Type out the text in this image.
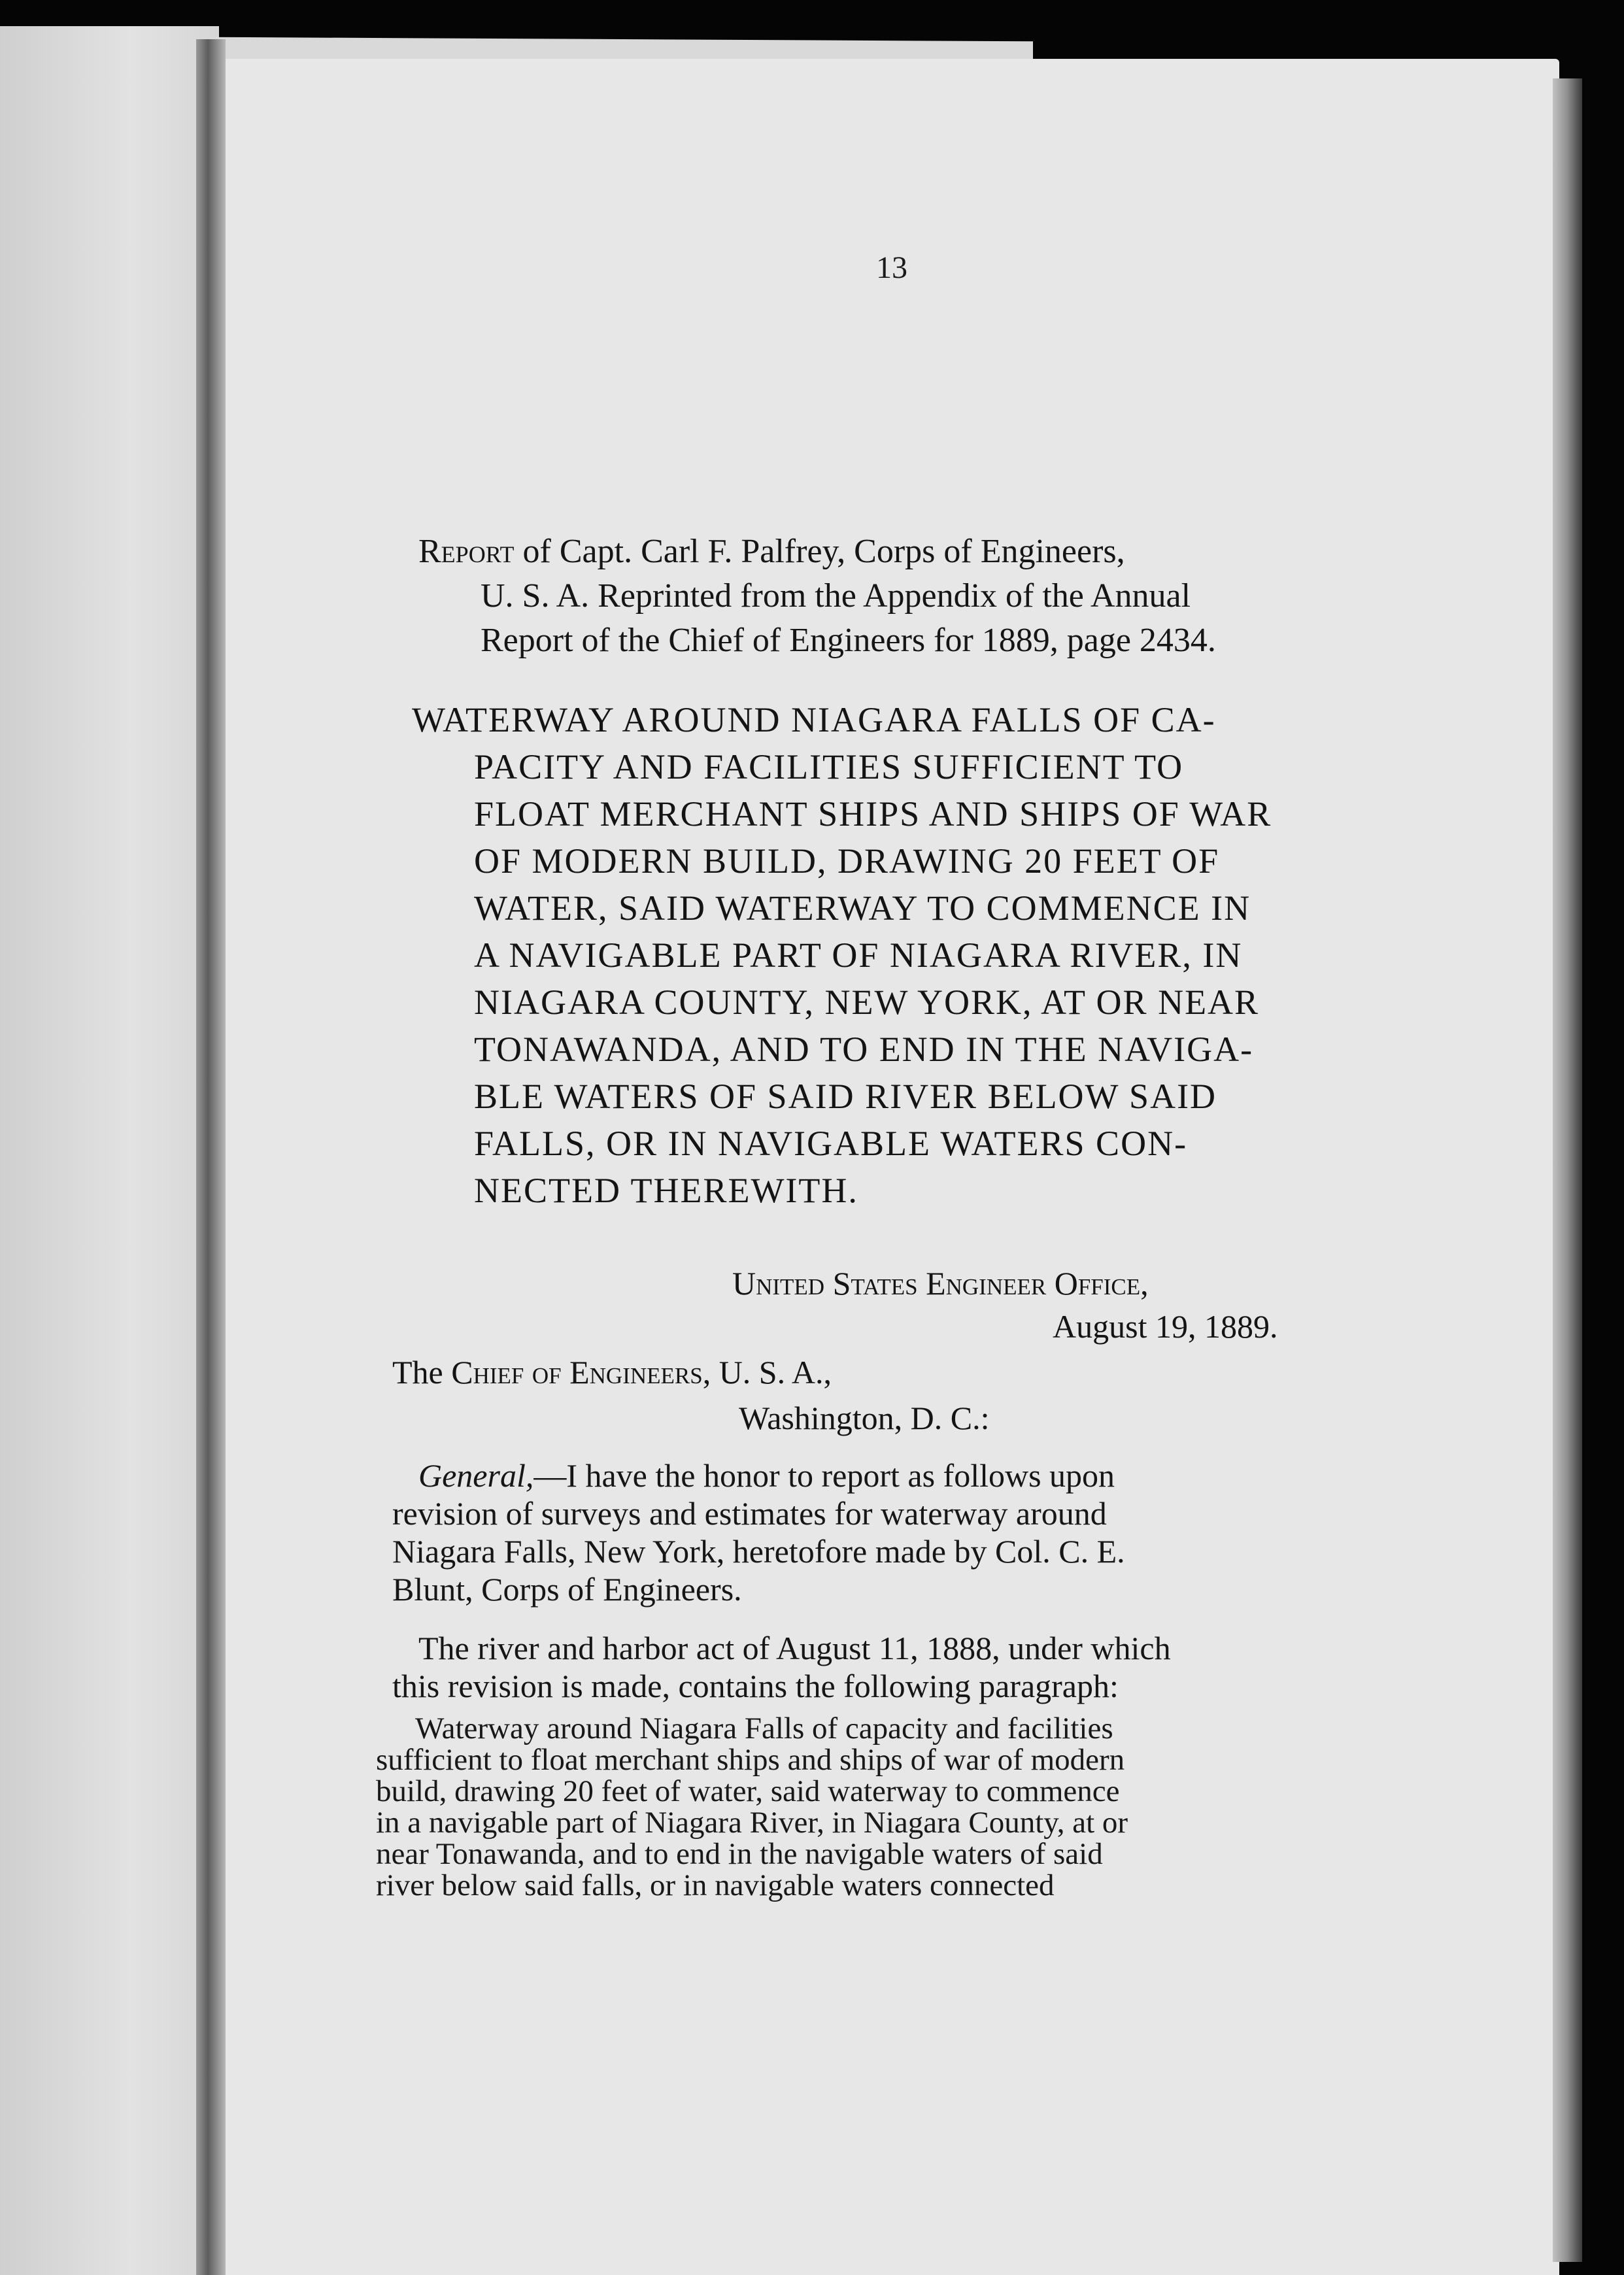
13
Report of Capt. Carl F. Palfrey, Corps of Engineers,
U. S. A. Reprinted from the Appendix of the Annual
Report of the Chief of Engineers for 1889, page 2434.
WATERWAY AROUND NIAGARA FALLS OF CA-
PACITY AND FACILITIES SUFFICIENT TO
FLOAT MERCHANT SHIPS AND SHIPS OF WAR
OF MODERN BUILD, DRAWING 20 FEET OF
WATER, SAID WATERWAY TO COMMENCE IN
A NAVIGABLE PART OF NIAGARA RIVER, IN
NIAGARA COUNTY, NEW YORK, AT OR NEAR
TONAWANDA, AND TO END IN THE NAVIGA-
BLE WATERS OF SAID RIVER BELOW SAID
FALLS, OR IN NAVIGABLE WATERS CON-
NECTED THEREWITH.
United States Engineer Office,
August 19, 1889.
The Chief of Engineers, U. S. A.,
Washington, D. C.:
General,—I have the honor to report as follows upon
revision of surveys and estimates for waterway around
Niagara Falls, New York, heretofore made by Col. C. E.
Blunt, Corps of Engineers.
The river and harbor act of August 11, 1888, under which
this revision is made, contains the following paragraph:
Waterway around Niagara Falls of capacity and facilities
sufficient to float merchant ships and ships of war of modern
build, drawing 20 feet of water, said waterway to commence
in a navigable part of Niagara River, in Niagara County, at or
near Tonawanda, and to end in the navigable waters of said
river below said falls, or in navigable waters connected
